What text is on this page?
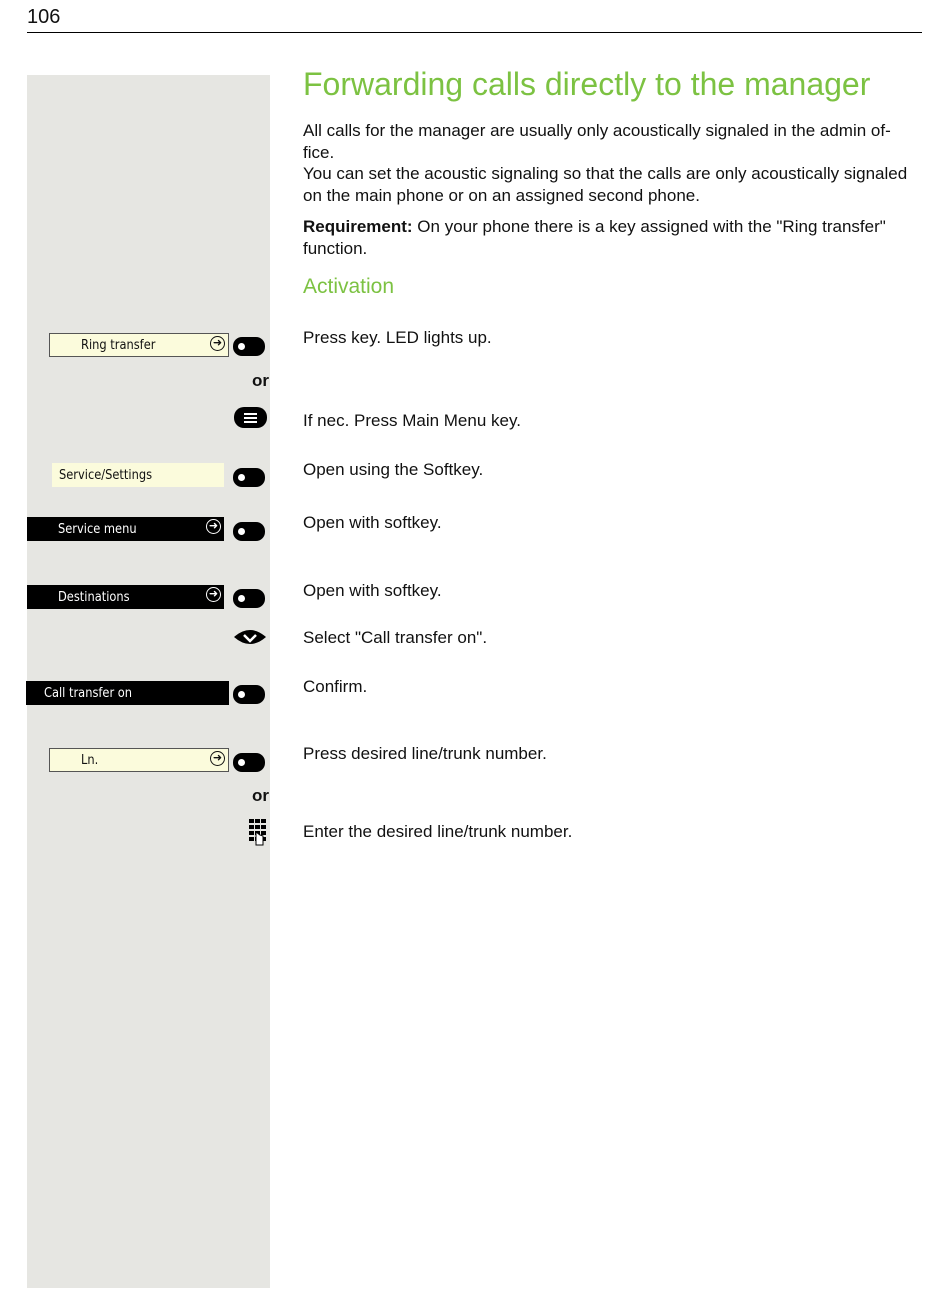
106
Forwarding calls directly to the manager
All calls for the manager are usually only acoustically signaled in the admin of-
fice.
You can set the acoustic signaling so that the calls are only acoustically signaled
on the main phone or on an assigned second phone.
Requirement: On your phone there is a key assigned with the "Ring transfer"
function.
Activation
Ring transfer	➜	Press key. LED lights up.
or
If nec. Press Main Menu key.
Service/Settings	Open using the Softkey.
Service menu	➜	Open with softkey.
Destinations	➜	Open with softkey.
Select "Call transfer on".
Call transfer on	Confirm.
Ln.	➜	Press desired line/trunk number.
or
Enter the desired line/trunk number.
